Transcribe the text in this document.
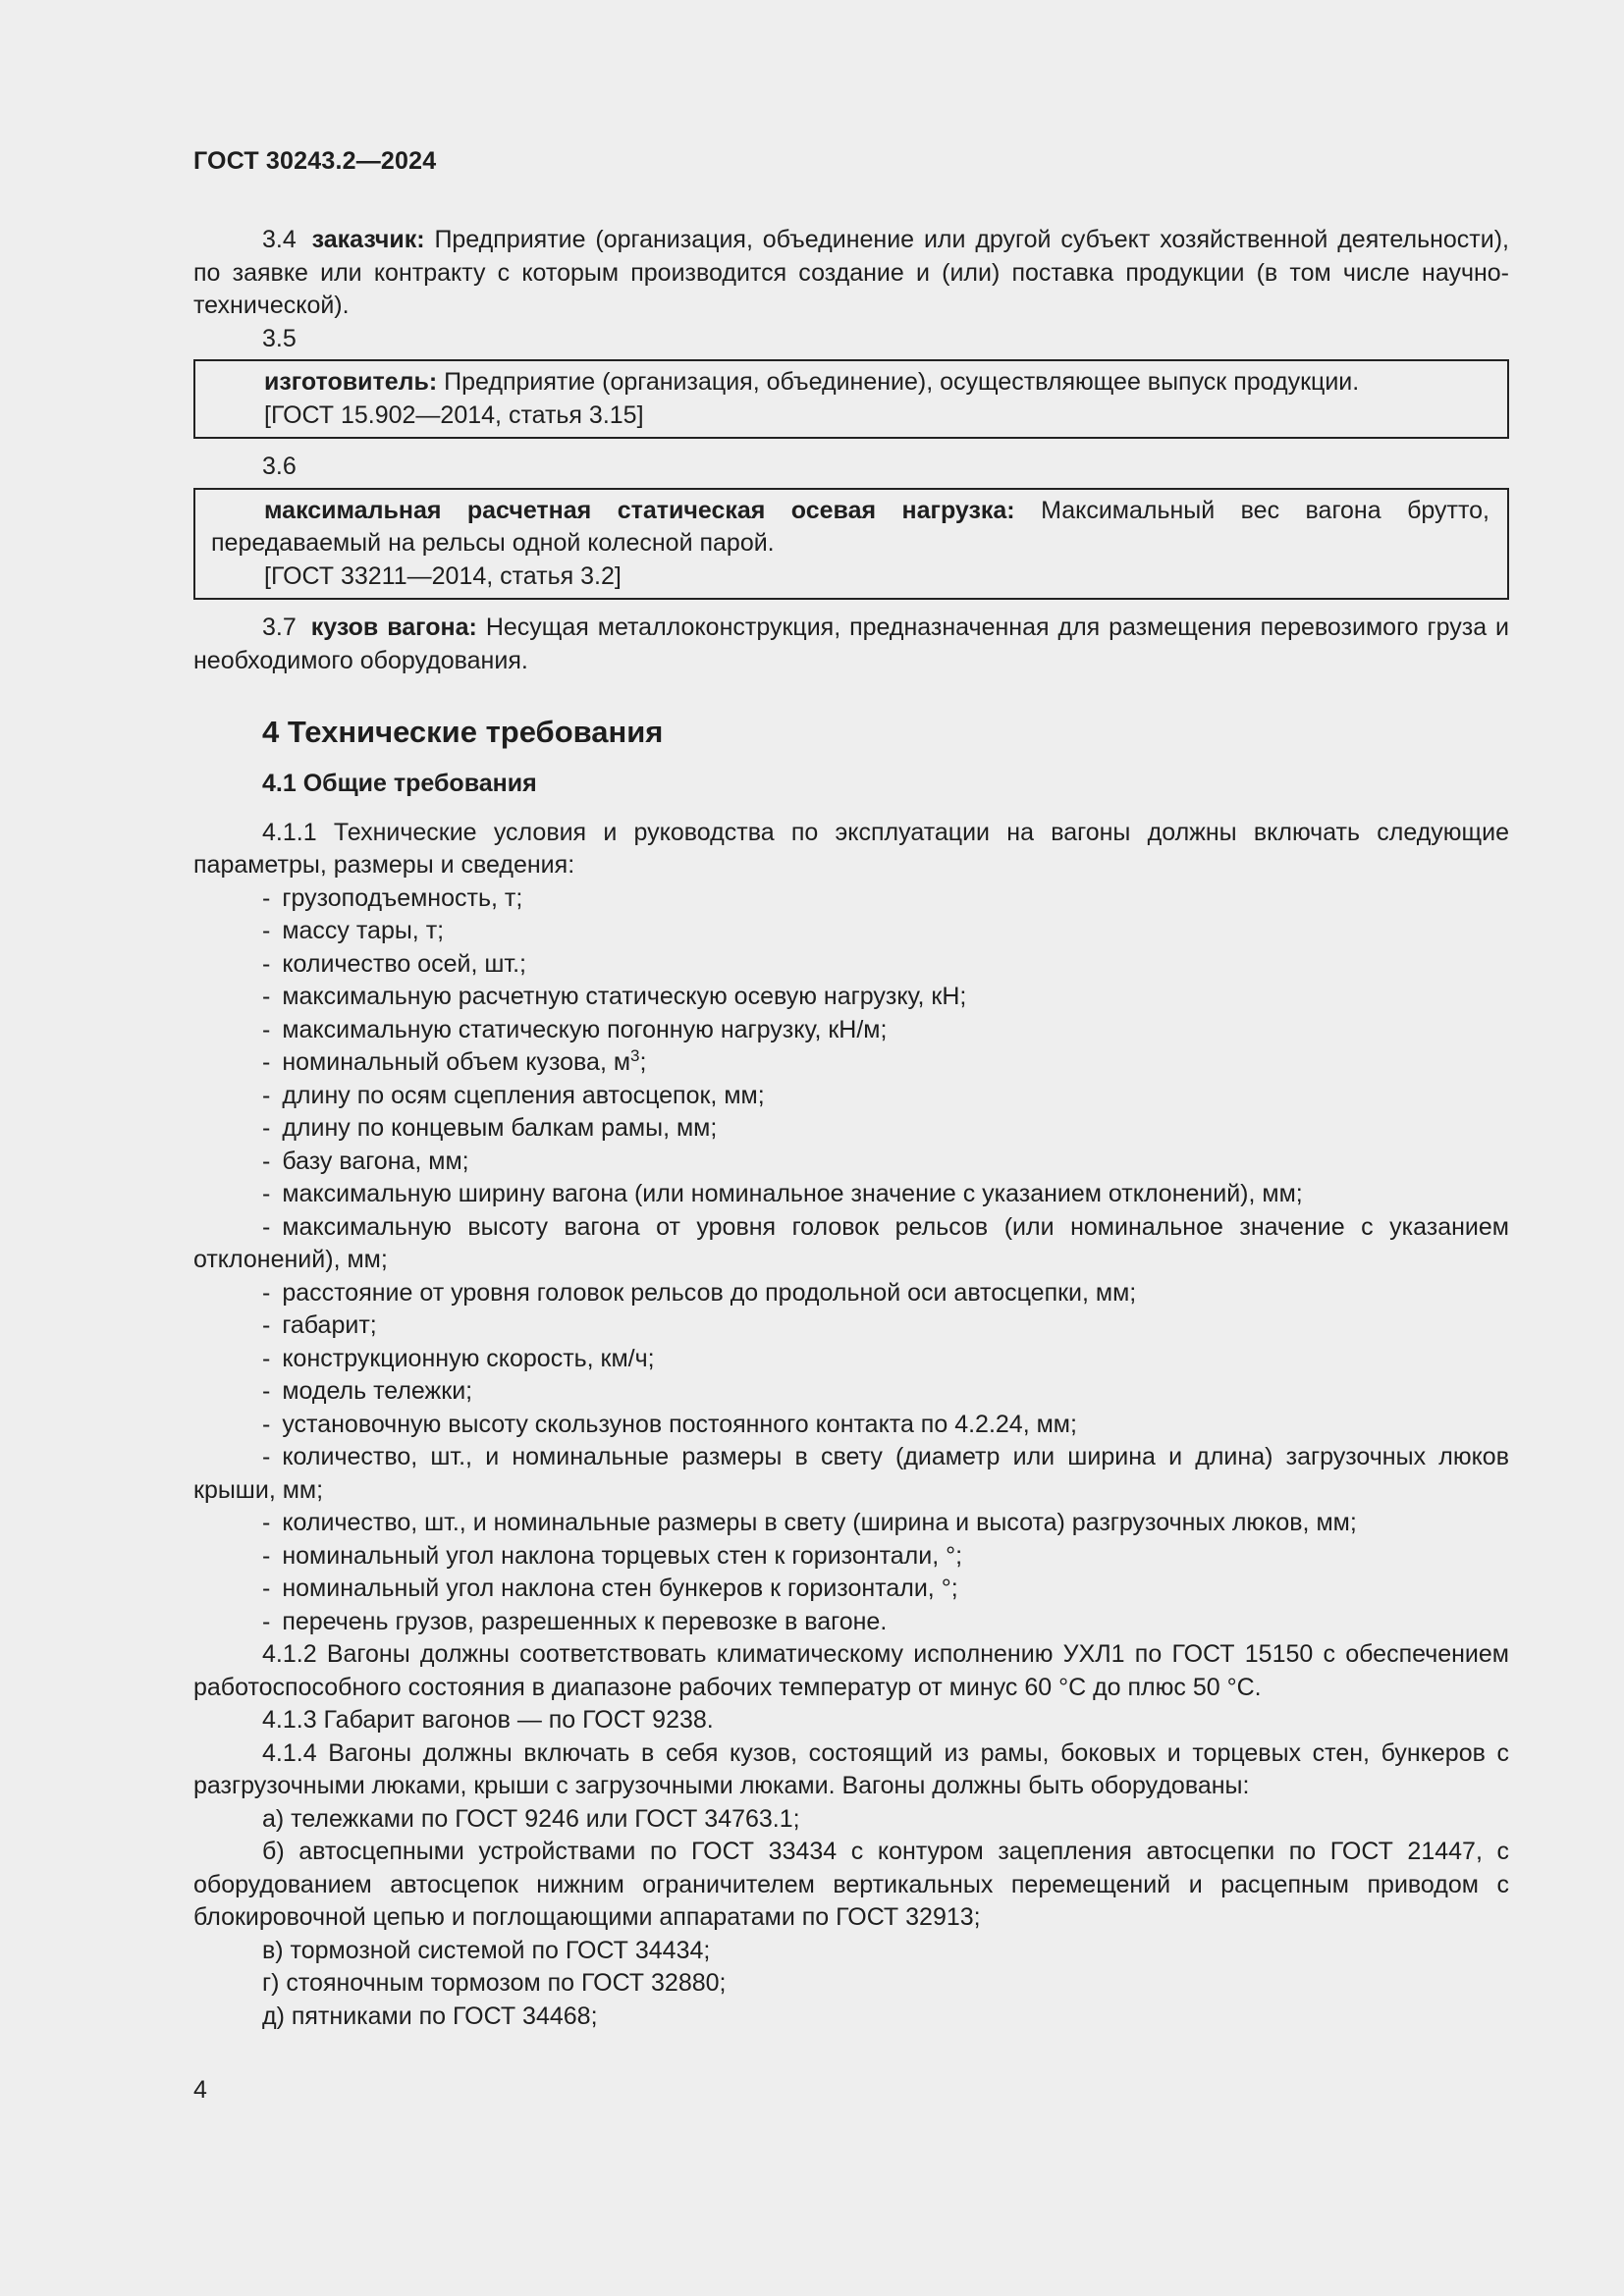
ГОСТ 30243.2—2024

3.4 заказчик: Предприятие (организация, объединение или другой субъект хозяйственной деятельности), по заявке или контракту с которым производится создание и (или) поставка продукции (в том числе научно-технической).

3.5

изготовитель: Предприятие (организация, объединение), осуществляющее выпуск продукции.

[ГОСТ 15.902—2014, статья 3.15]

3.6

максимальная расчетная статическая осевая нагрузка: Максимальный вес вагона брутто, передаваемый на рельсы одной колесной парой.

[ГОСТ 33211—2014, статья 3.2]

3.7 кузов вагона: Несущая металлоконструкция, предназначенная для размещения перевозимого груза и необходимого оборудования.

4 Технические требования
4.1 Общие требования

4.1.1 Технические условия и руководства по эксплуатации на вагоны должны включать следующие параметры, размеры и сведения:

- грузоподъемность, т;

- массу тары, т;

- количество осей, шт.;

- максимальную расчетную статическую осевую нагрузку, кН;

- максимальную статическую погонную нагрузку, кН/м;

- номинальный объем кузова, $м^3$;

- длину по осям сцепления автосцепок, мм;

- длину по концевым балкам рамы, мм;

- базу вагона, мм;

- максимальную ширину вагона (или номинальное значение с указанием отклонений), мм;

- максимальную высоту вагона от уровня головок рельсов (или номинальное значение с указанием отклонений), мм;

- расстояние от уровня головок рельсов до продольной оси автосцепки, мм;

- габарит;

- конструкционную скорость, км/ч;

- модель тележки;

- установочную высоту скользунов постоянного контакта по 4.2.24, мм;

- количество, шт., и номинальные размеры в свету (диаметр или ширина и длина) загрузочных люков крыши, мм;

- количество, шт., и номинальные размеры в свету (ширина и высота) разгрузочных люков, мм;

- номинальный угол наклона торцевых стен к горизонтали, °;

- номинальный угол наклона стен бункеров к горизонтали, °;

- перечень грузов, разрешенных к перевозке в вагоне.

4.1.2 Вагоны должны соответствовать климатическому исполнению УХЛ1 по ГОСТ 15150 с обеспечением работоспособного состояния в диапазоне рабочих температур от минус 60 °С до плюс 50 °С.

4.1.3 Габарит вагонов — по ГОСТ 9238.

4.1.4 Вагоны должны включать в себя кузов, состоящий из рамы, боковых и торцевых стен, бункеров с разгрузочными люками, крыши с загрузочными люками. Вагоны должны быть оборудованы:

а) тележками по ГОСТ 9246 или ГОСТ 34763.1;

б) автосцепными устройствами по ГОСТ 33434 с контуром зацепления автосцепки по ГОСТ 21447, с оборудованием автосцепок нижним ограничителем вертикальных перемещений и расцепным приводом с блокировочной цепью и поглощающими аппаратами по ГОСТ 32913;

в) тормозной системой по ГОСТ 34434;

г) стояночным тормозом по ГОСТ 32880;

д) пятниками по ГОСТ 34468;

4
